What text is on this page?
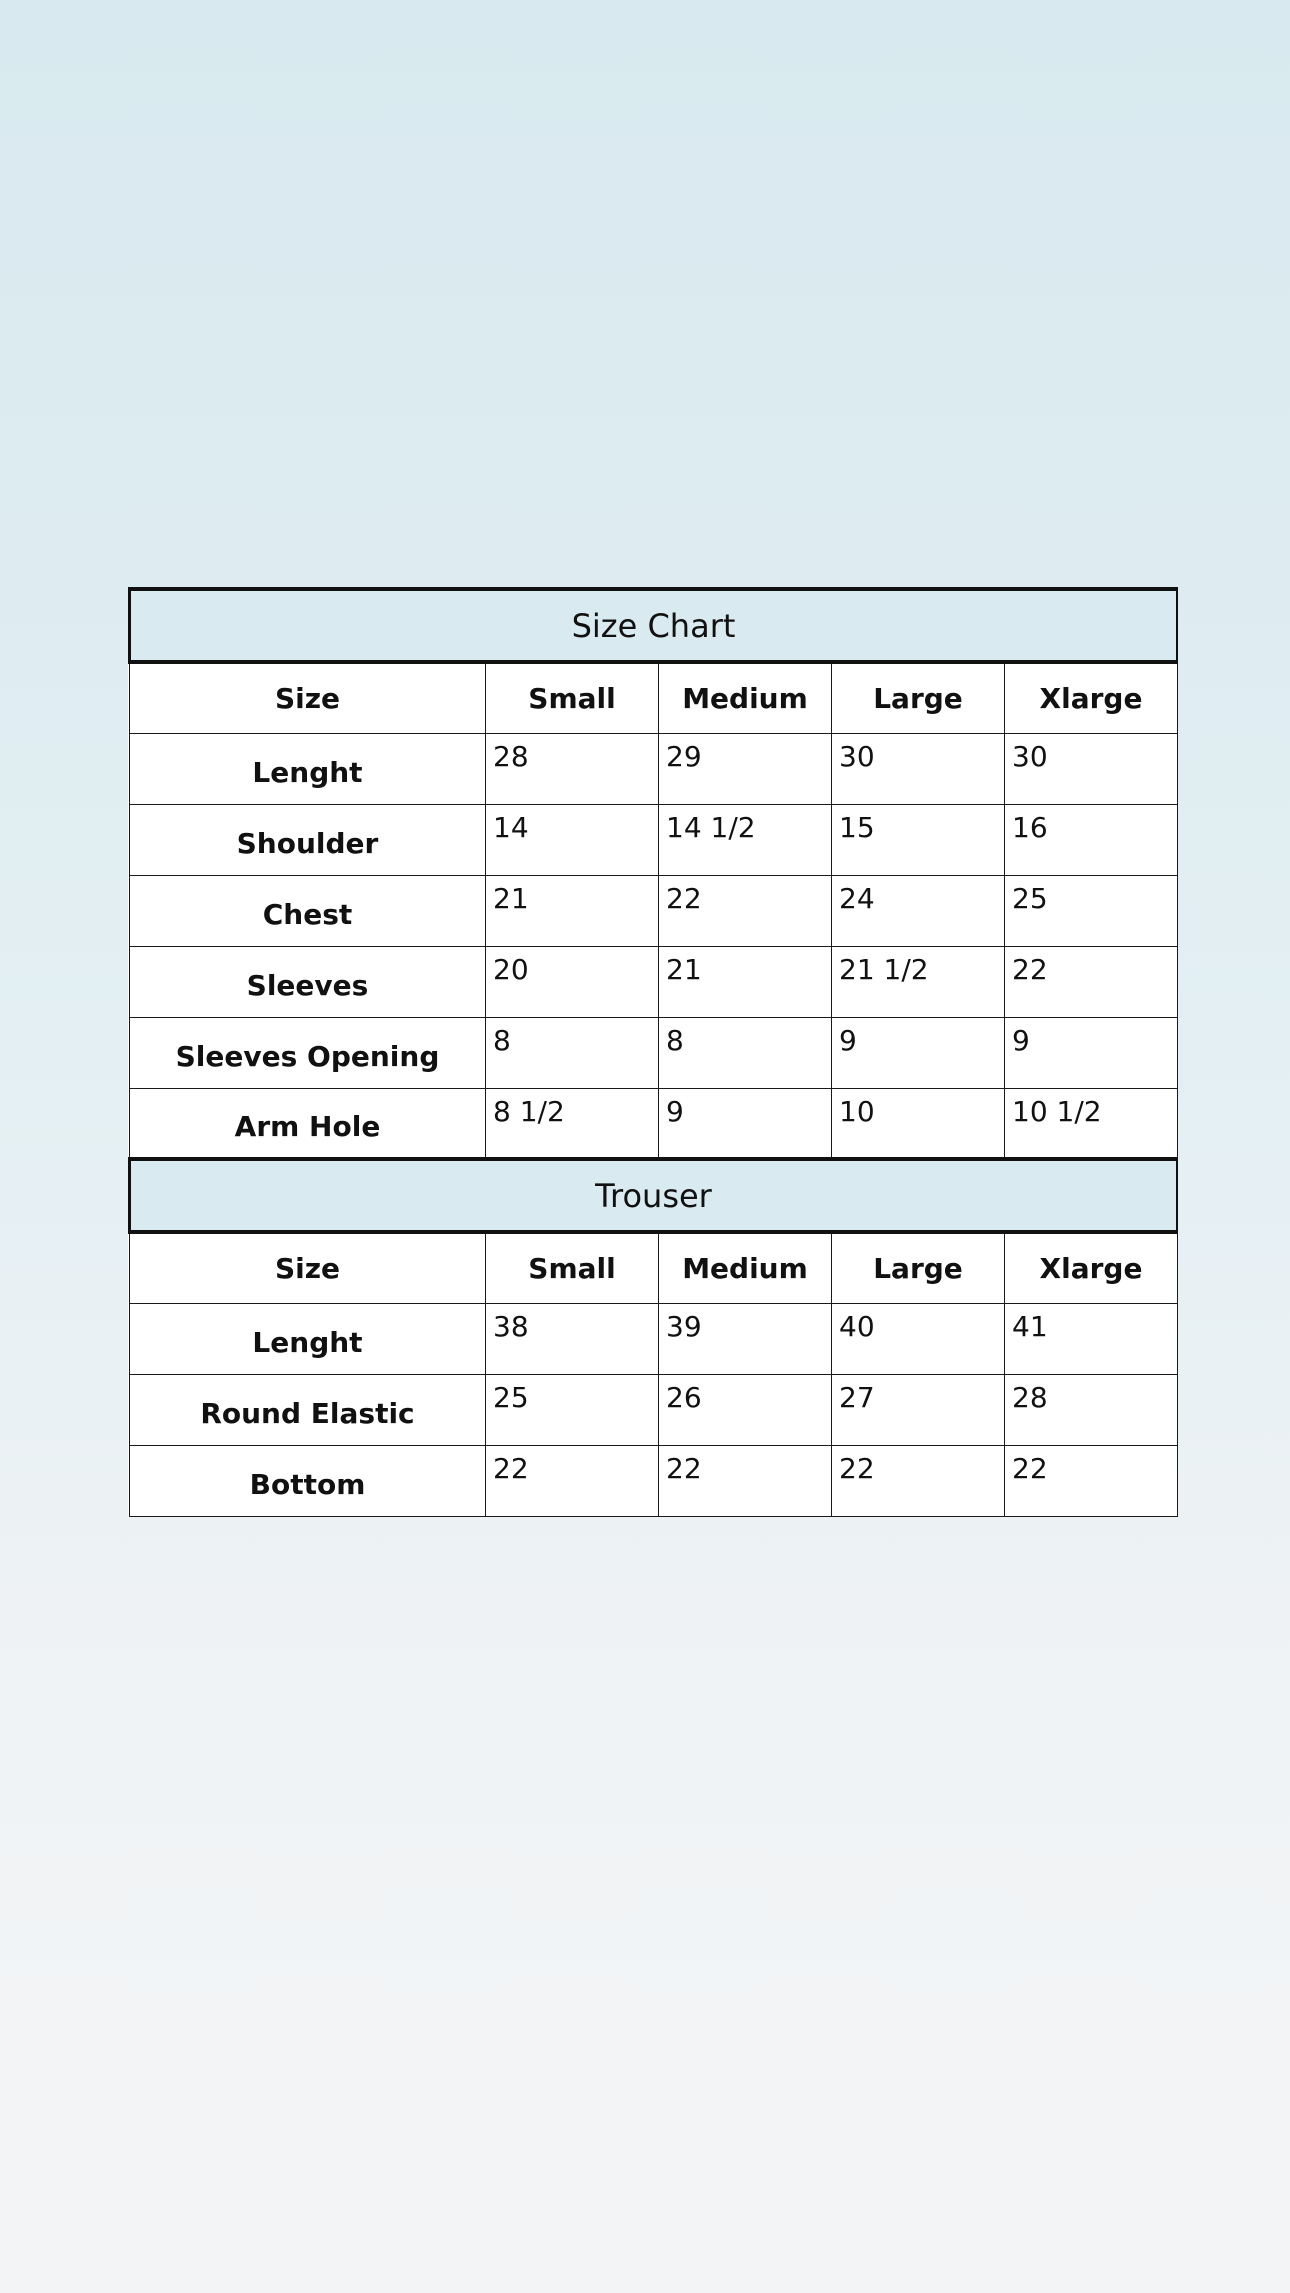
Size Chart				
Size	Small	Medium	Large	Xlarge
Lenght	28	29	30	30
Shoulder	14	14 1/2	15	16
Chest	21	22	24	25
Sleeves	20	21	21 1/2	22
Sleeves Opening	8	8	9	9
Arm Hole	8 1/2	9	10	10 1/2
Trouser				
Size	Small	Medium	Large	Xlarge
Lenght	38	39	40	41
Round Elastic	25	26	27	28
Bottom	22	22	22	22
